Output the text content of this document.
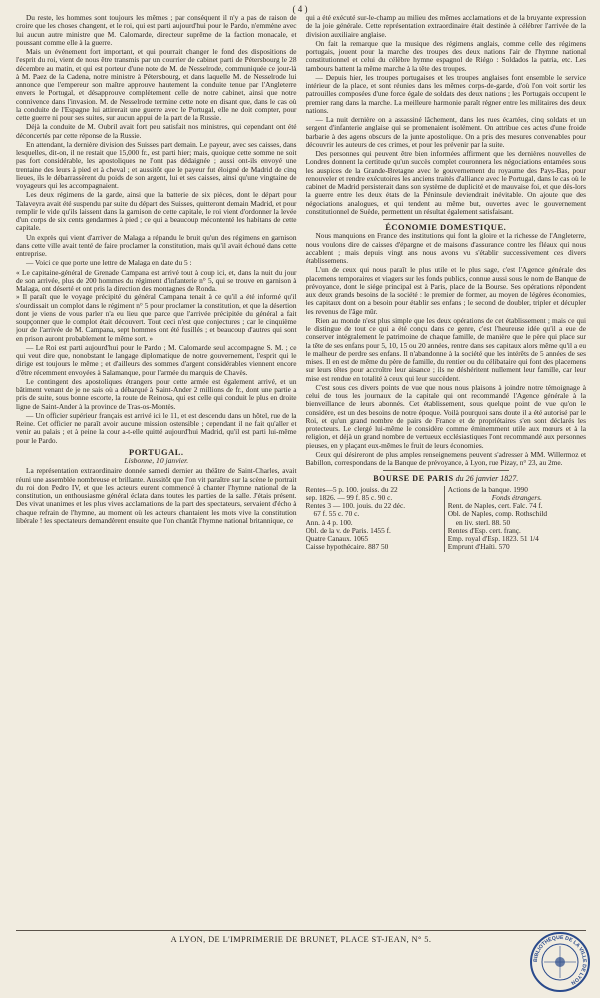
( 4 )

Du reste, les hommes sont toujours les mêmes ; par conséquent il n'y a pas de raison de croire que les choses changent, et le roi, qui est parti aujourd'hui pour le Pardo, n'emmène avec lui aucun autre ministre que M. Calomarde, directeur suprême de la faction monacale, et poussant comme elle à la guerre.

Mais un événement fort important, et qui pourrait changer le fond des dispositions de l'esprit du roi, vient de nous être transmis par un courrier de cabinet parti de Pétersbourg le 28 décembre au matin, et qui est porteur d'une note de M. de Nesselrode, communiquée ce jour-là à M. Paez de la Cadena, notre ministre à Pétersbourg, et dans laquelle M. de Nesselrode lui annonce que l'empereur son maître approuve hautement la conduite tenue par l'Angleterre envers le Portugal, et désapprouve complètement celle de notre cabinet, ainsi que notre connivence dans l'invasion. M. de Nesselrode termine cette note en disant que, dans le cas où la conduite de l'Espagne lui attirerait une guerre avec le Portugal, elle ne doit compter, pour cette guerre ni pour ses suites, sur aucun appui de la part de la Russie.

Déjà la conduite de M. Oubril avait fort peu satisfait nos ministres, qui cependant ont été déconcertés par cette réponse de la Russie.

En attendant, la dernière division des Suisses part demain. Le payeur, avec ses caisses, dans lesquelles, dit-on, il ne restait que 15,000 fr., est parti hier; mais, quoique cette somme ne soit pas fort considérable, les apostoliques ne l'ont pas dédaignée ; aussi ont-ils envoyé une trentaine des leurs à pied et à cheval ; et aussitôt que le payeur fut éloigné de Madrid de cinq lieues, ils le débarrassèrent du poids de son argent, lui et ses caisses, ainsi qu'une vingtaine de voyageurs qui les accompagnaient.

Les deux régimens de la garde, ainsi que la batterie de six pièces, dont le départ pour Talaveyra avait été suspendu par suite du départ des Suisses, quitteront demain Madrid, et pour remplir le vide qu'ils laissent dans la garnison de cette capitale, le roi vient d'ordonner la levée d'un corps de six cents gendarmes à pied ; ce qui a beaucoup mécontenté les habitans de cette capitale.

Un exprès qui vient d'arriver de Malaga a répandu le bruit qu'un des régimens en garnison dans cette ville avait tenté de faire proclamer la constitution, mais qu'il avait échoué dans cette entreprise.

— Voici ce que porte une lettre de Malaga en date du 5 :

« Le capitaine-général de Grenade Campana est arrivé tout à coup ici, et, dans la nuit du jour de son arrivée, plus de 200 hommes du régiment d'infanterie n° 5, qui se trouve en garnison à Malaga, ont déserté et ont pris la direction des montagnes de Ronda.
» Il paraît que le voyage précipité du général Campana tenait à ce qu'il a été informé qu'il s'ourdissait un complot dans le régiment n° 5 pour proclamer la constitution, et que la désertion dont je viens de vous parler n'a eu lieu que parce que l'arrivée précipitée du général a fait soupçonner que le complot était découvert. Tout ceci n'est que conjectures ; car le cinquième jour de l'arrivée de M. Campana, sept hommes ont été fusillés ; et beaucoup d'autres qui sont en prison auront probablement le même sort. »

— Le Roi est parti aujourd'hui pour le Pardo ; M. Calomarde seul accompagne S. M. ; ce qui veut dire que, nonobstant le langage diplomatique de notre gouvernement, l'esprit qui le dirige est toujours le même ; et d'ailleurs des sommes d'argent considérables viennent encore d'être récemment envoyées à Salamanque, pour l'armée du marquis de Chavès.

Le contingent des apostoliques étrangers pour cette armée est également arrivé, et un bâtiment venant de je ne sais où a débarqué à Saint-Ander 2 millions de fr., dont une partie a pris de suite, sous bonne escorte, la route de Reinosa, qui est celle qui conduit le plus en droite ligne de Saint-Ander à la province de Tras-os-Montès.

— Un officier supérieur français est arrivé ici le 11, et est descendu dans un hôtel, rue de la Reine. Cet officier ne paraît avoir aucune mission ostensible ; cependant il ne fait qu'aller et venir au palais ; et à peine la cour a-t-elle quitté aujourd'hui Madrid, qu'il est parti lui-même pour le Pardo.

PORTUGAL.
Lisbonne, 10 janvier.

La représentation extraordinaire donnée samedi dernier au théâtre de Saint-Charles, avait réuni une assemblée nombreuse et brillante. Aussitôt que l'on vit paraître sur la scène le portrait du roi don Pedro IV, et que les acteurs eurent commencé à chanter l'hymne national de la constitution, un enthousiasme général éclata dans toutes les parties de la salle. J'étais présent. Des vivat unanimes et les plus vives acclamations de la part des spectateurs, servaient d'écho à chaque refrain de l'hymne, au moment où les acteurs chantaient les mots vive la constitution libérale ! les spectateurs demandèrent ensuite que l'on chantât l'hymne national britannique, ce

qui a été exécuté sur-le-champ au milieu des mêmes acclamations et de la bruyante expression de la joie générale. Cette représentation extraordinaire était destinée à célébrer l'arrivée de la division auxiliaire anglaise.

On fait la remarque que la musique des régimens anglais, comme celle des régimens portugais, jouent pour la marche des troupes des deux nations l'air de l'hymne national constitutionnel et celui du célèbre hymne espagnol de Riégo : Soldados la patria, etc. Les tambours battent la même marche à la tête des troupes.

— Depuis hier, les troupes portugaises et les troupes anglaises font ensemble le service intérieur de la place, et sont réunies dans les mêmes corps-de-garde, d'où l'on voit sortir les patrouilles composées d'une force égale de soldats des deux nations ; les Portugais occupent le premier rang dans la marche. La meilleure harmonie paraît régner entre les militaires des deux nations.

— La nuit dernière on a assassiné lâchement, dans les rues écartées, cinq soldats et un sergent d'infanterie anglaise qui se promenaient isolément. On attribue ces actes d'une froide barbarie à des agens obscurs de la junte apostolique. On a pris des mesures convenables pour découvrir les auteurs de ces crimes, et pour les prévenir par la suite.

Des personnes qui peuvent être bien informées affirment que les dernières nouvelles de Londres donnent la certitude qu'un succès complet couronnera les négociations entamées sous les auspices de la Grande-Bretagne avec le gouvernement du royaume des Pays-Bas, pour renouveler et rendre exécutoires les anciens traités d'alliance avec le Portugal, dans le cas où le cabinet de Madrid persisterait dans son système de duplicité et de mauvaise foi, et que dès-lors la guerre entre les deux états de la Péninsule deviendrait inévitable. On ajoute que des négociations analogues, et qui tendent au même but, ouvertes avec le gouvernement constitutionnel de Suède, permettent un résultat également satisfaisant.

ÉCONOMIE DOMESTIQUE.

Nous manquions en France des institutions qui font la gloire et la richesse de l'Angleterre, nous voulons dire de caisses d'épargne et de maisons d'assurance contre les fléaux qui nous accablent ; mais depuis vingt ans nous avons vu s'établir successivement ces divers établissemens.

L'un de ceux qui nous paraît le plus utile et le plus sage, c'est l'Agence générale des placemens temporaires et viagers sur les fonds publics, connue aussi sous le nom de Banque de prévoyance, dont le siége principal est à Paris, place de la Bourse. Ses opérations répondent aux deux grands besoins de la société : le premier de former, au moyen de légères économies, les capitaux dont on a besoin pour établir ses enfans ; le second de doubler, tripler et décupler les revenus de l'âge mûr.

Rien au monde n'est plus simple que les deux opérations de cet établissement ; mais ce qui le distingue de tout ce qui a été conçu dans ce genre, c'est l'heureuse idée qu'il a eue de conserver intégralement le patrimoine de chaque famille, de manière que le père qui place sur la tête de ses enfans pour 5, 10, 15 ou 20 années, rentre dans ses capitaux alors même qu'il a eu le malheur de perdre ses enfans. Il n'abandonne à la société que les intérêts de 5 années de ses mises. Il en est de même du père de famille, du rentier ou du célibataire qui font des placemens sur leurs têtes pour accroître leur aisance ; ils ne déshéritent nullement leur famille, car leur mise est rendue en totalité à ceux qui leur succèdent.

C'est sous ces divers points de vue que nous nous plaisons à joindre notre témoignage à celui de tous les journaux de la capitale qui ont recommandé l'Agence générale à la bienveillance de leurs abonnés. Cet établissement, sous quelque point de vue qu'on le considère, est un des besoins de notre époque. Voilà pourquoi sans doute il a été autorisé par le Roi, et qu'un grand nombre de pairs de France et de propriétaires s'en sont déclarés les protecteurs. Le clergé lui-même le considère comme éminemment utile aux mœurs et à la religion, et déjà un grand nombre de vertueux ecclésiastiques l'ont recommandé aux personnes pieuses, en y plaçant eux-mêmes le fruit de leurs économies.

Ceux qui désireront de plus amples renseignemens peuvent s'adresser à MM. Willermoz et Babillon, correspondans de la Banque de prévoyance, à Lyon, rue Pizay, n° 23, au 2me.

BOURSE DE PARIS du 26 janvier 1827.
Rentes—5 p. 100. jouiss. du 22
sep. 1826. — 99 f. 85 c. 90 c.
Rentes 3 — 100. jouis. du 22 déc.
67 f. 55 c. 70 c.
Ann. à 4 p. 100.
Obl. de la v. de Paris. 1455 f.
Quatre Canaux. 1065
Caisse hypothécaire. 887 50
Actions de la banque. 1990
Fonds étrangers.
Rent. de Naples, cert. Falc. 74 f.
Obl. de Naples, comp. Rothschild
en liv. sterl. 88. 50
Rentes d'Esp. cert. franç.
Emp. royal d'Esp. 1823. 51 1/4
Emprunt d'Haïti. 570
A LYON, DE L'IMPRIMERIE DE BRUNET, PLACE ST-JEAN, N° 5.
BIBLIOTHÈQUE DE LA VILLE DE LYON
